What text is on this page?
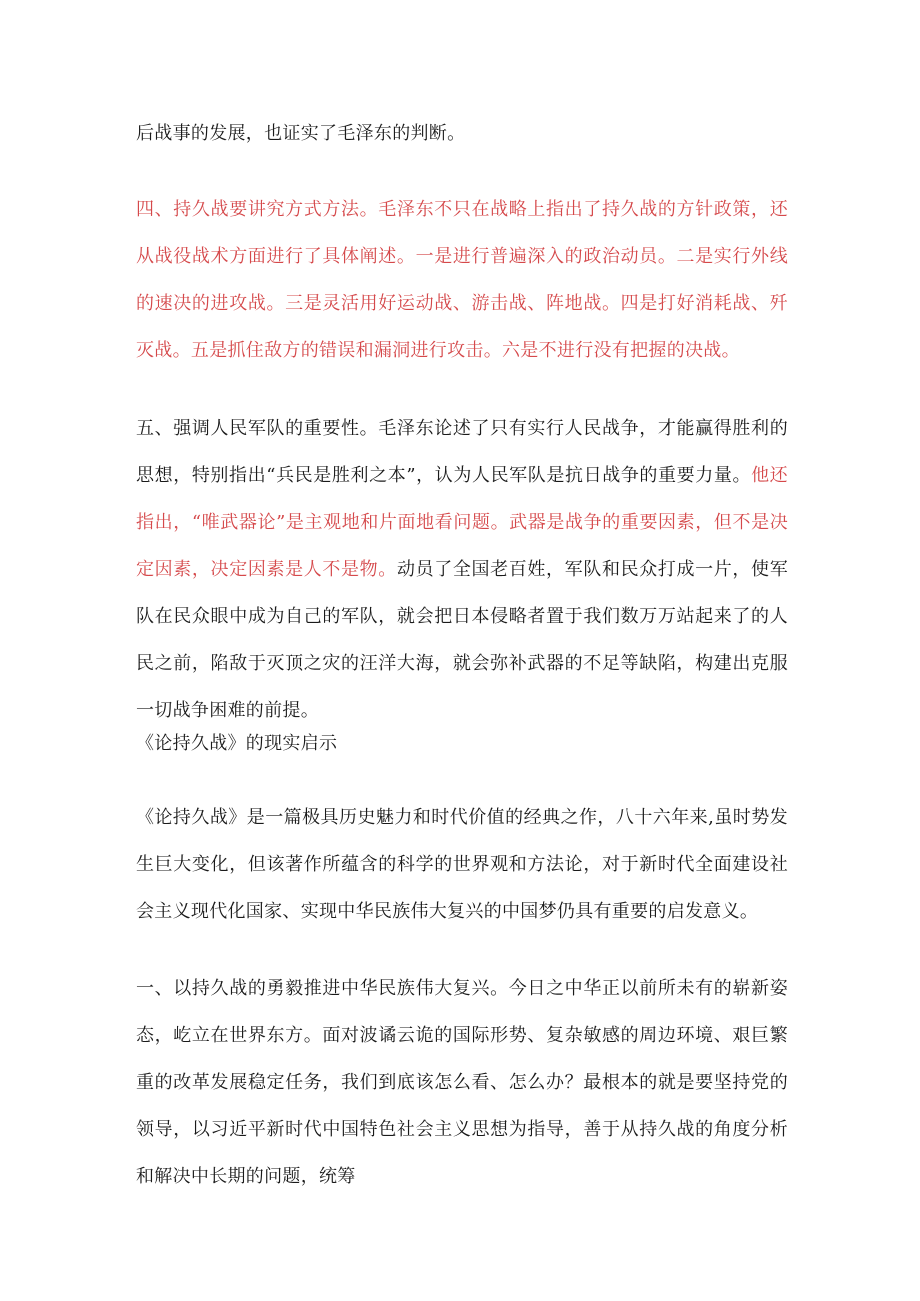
后战事的发展，也证实了毛泽东的判断。

四、持久战要讲究方式方法。毛泽东不只在战略上指出了持久战的方针政策，还从战役战术方面进行了具体阐述。一是进行普遍深入的政治动员。二是实行外线的速决的进攻战。三是灵活用好运动战、游击战、阵地战。四是打好消耗战、歼灭战。五是抓住敌方的错误和漏洞进行攻击。六是不进行没有把握的决战。

五、强调人民军队的重要性。毛泽东论述了只有实行人民战争，才能赢得胜利的思想，特别指出“兵民是胜利之本”，认为人民军队是抗日战争的重要力量。他还指出，“唯武器论”是主观地和片面地看问题。武器是战争的重要因素，但不是决定因素，决定因素是人不是物。动员了全国老百姓，军队和民众打成一片，使军队在民众眼中成为自己的军队，就会把日本侵略者置于我们数万万站起来了的人民之前，陷敌于灭顶之灾的汪洋大海，就会弥补武器的不足等缺陷，构建出克服一切战争困难的前提。

《论持久战》的现实启示

《论持久战》是一篇极具历史魅力和时代价值的经典之作，八十六年来,虽时势发生巨大变化，但该著作所蕴含的科学的世界观和方法论，对于新时代全面建设社会主义现代化国家、实现中华民族伟大复兴的中国梦仍具有重要的启发意义。

一、以持久战的勇毅推进中华民族伟大复兴。今日之中华正以前所未有的崭新姿态，屹立在世界东方。面对波谲云诡的国际形势、复杂敏感的周边环境、艰巨繁重的改革发展稳定任务，我们到底该怎么看、怎么办？最根本的就是要坚持党的领导，以习近平新时代中国特色社会主义思想为指导，善于从持久战的角度分析和解决中长期的问题，统筹
